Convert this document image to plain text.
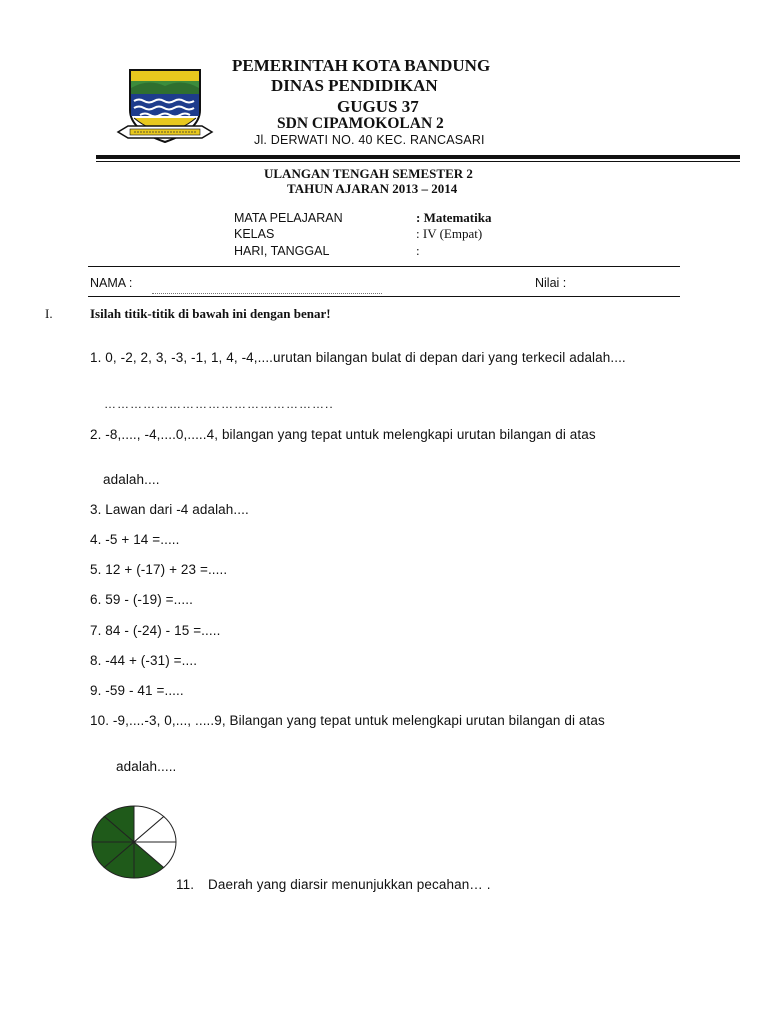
PEMERINTAH KOTA BANDUNG
DINAS PENDIDIKAN
GUGUS 37
SDN CIPAMOKOLAN 2
Jl. DERWATI NO. 40 KEC. RANCASARI
ULANGAN TENGAH SEMESTER 2
TAHUN AJARAN 2013 – 2014
MATA PELAJARAN	: Matematika
KELAS	: IV (Empat)
HARI, TANGGAL	:
NAMA :	Nilai :
I.	Isilah titik-titik di bawah ini dengan benar!
1. 0, -2, 2, 3, -3, -1, 1, 4, -4,....urutan bilangan bulat di depan dari yang terkecil adalah....
……………………………………………..
2. -8,...., -4,....0,.....4, bilangan yang tepat untuk melengkapi urutan bilangan di atas
adalah....
3. Lawan dari -4 adalah....
4. -5 + 14 =.....
5. 12 + (-17) + 23 =.....
6. 59 - (-19) =.....
7. 84 - (-24) - 15 =.....
8. -44 + (-31) =....
9. -59 - 41 =.....
10. -9,....-3, 0,..., .....9, Bilangan yang tepat untuk melengkapi urutan bilangan di atas
adalah.....
11. Daerah yang diarsir menunjukkan pecahan… .
